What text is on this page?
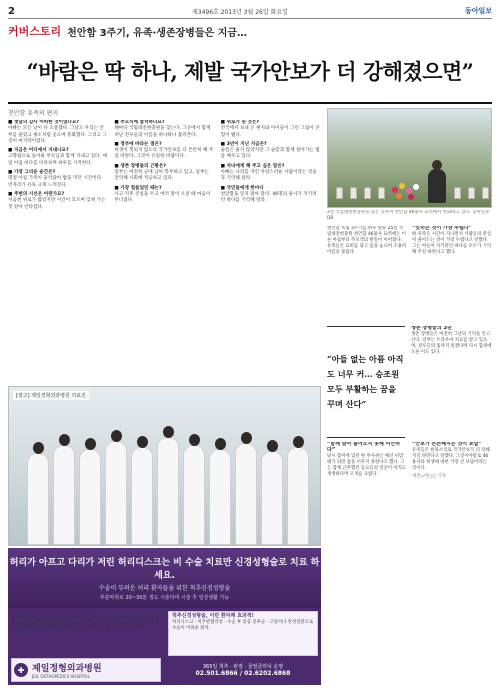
2	제3496호 2013년 3월 26일 화요일	동아일보
커버스토리 천안함 3주기, 유족·생존장병들은 지금…
“바람은 딱 하나, 제발 국가안보가 더 강해졌으면”
천안함 유족의 편지
■ 첫날의 감사 어떠한 것이었나요?
아빠는 모든 날이 다 소중했다. 그날도 우리는 안부를 물었고 평소처럼 웃으며 통화했다. 그리고 그것이 마지막이었다.
■ 지금은 어디에서 지내나요?
고향집으로 돌아와 부모님과 함께 지내고 있다. 매일 아침 바다를 바라보며 하루를 시작한다.
■ 가장 그리운 순간은?
명절 아침 가족이 둘러앉아 밥을 먹던 시간이다. 빈자리가 유독 크게 느껴진다.
■ 주변의 시선은 어떤가요?
처음엔 위로가 많았지만 시간이 흐르며 잊혀 가는 것 같아 안타깝다.
■ 추모식에 참석하나요?
해마다 국립대전현충원을 찾는다. 그곳에서 함께 떠난 전우들의 이름을 하나하나 불러본다.
■ 정부에 바라는 점은?
희생이 헛되지 않도록 국가안보를 더 튼튼히 해 주길 바란다. 그것이 유일한 바람이다.
■ 생존 장병들의 근황은?
일부는 여전히 군에 남아 복무하고 있고, 일부는 전역해 사회에 적응하고 있다.
■ 가장 힘들었던 때는?
사고 직후 진실을 두고 여러 말이 오갈 때 마음이 무너졌다.
■ 위로가 된 것은?
전국에서 보내 온 편지와 아이들이 그린 그림이 큰 힘이 됐다.
■ 3년이 지난 지금은?
슬픔은 줄지 않았지만 그 슬픔과 함께 살아가는 법을 배우고 있다.
■ 자녀에게 해 주고 싶은 말은?
아빠는 나라를 지킨 자랑스러운 사람이라는 것을 꼭 기억해 달라.
■ 국민들에게 한마디
천안함을 잊지 말아 달라. 46명의 용사가 지키려던 바다를 기억해 달라.
[광고] 제일정형외과병원 의료진
허리가 아프고 다리가 저린 허리디스크는 비 수술 치료만 신경성형술로 치료 하세요.
수술이 두려운 허리 환자들을 위한 척추신경성형술
부분마취로 20~30분 정도 시술하며 시술 후 일상생활 가능
척추질환도 수술만이 해결책일 아니다
척추신경성형술은 허리 통증의 원인이 되는 부위에 가느다란 관을 넣어 약물을 주입해 염증과 유착을 없애는 치료법이다. 절개가 없어 회복이 빠르다.
척추신경성형술, 이런 환자께 효과적!
허리디스크 · 척추관협착증 · 수술 후 통증 증후군 · 고령이나 만성질환으로 수술이 어려운 환자
✚ 제일정형외과병원
JEIL ORTHOPEDICS HOSPITAL
365일 척추 · 관절 · 골절클리닉 운영
02.501.6866 / 02.6202.6868
2일 국립대전현충원을 찾은 유족이 천안함 46용사 묘역에서 헌화하고 있다. 동아일보DB
천안함 폭침 3주기를 하루 앞둔 25일 국립대전현충원 천안함 46용사 묘역에는 이른 아침부터 추모객의 발길이 이어졌다. 유족들은 묘비를 닦고 꽃을 놓으며 조용히 이름을 불렀다.
“잊히는 것이 가장 두렵다”
한 유족은 시간이 지나면서 사람들의 관심이 줄어드는 것이 가장 두렵다고 말했다. 그는 아들이 지키려던 바다를 모두가 기억해 주길 바란다고 했다.
“아들 없는 아픔 아직도 너무 커… 승조원 모두 부활하는 꿈을 꾸며 산다”
생존 장병들의 3년
생존 장병들은 여전히 그날의 기억을 안고 산다. 일부는 트라우마 치료를 받고 있으며, 전우들의 몫까지 살겠다며 다시 함정에 오른 이도 있다.
“함께 살아 돌아오지 못해 미안하다”
당시 함미에 있던 한 부사관은 매년 이맘때가 되면 잠을 이루지 못한다고 했다. 그는 함께 근무했던 동료들의 얼굴이 아직도 생생하다며 고개를 숙였다.
“안보가 튼튼해지는 것이 보답”
유족들은 한목소리로 국가안보가 더 강해지길 바란다고 말했다. 그것이야말로 46용사의 희생에 대한 가장 큰 보답이라는 것이다.
대전=이○○ 기자
